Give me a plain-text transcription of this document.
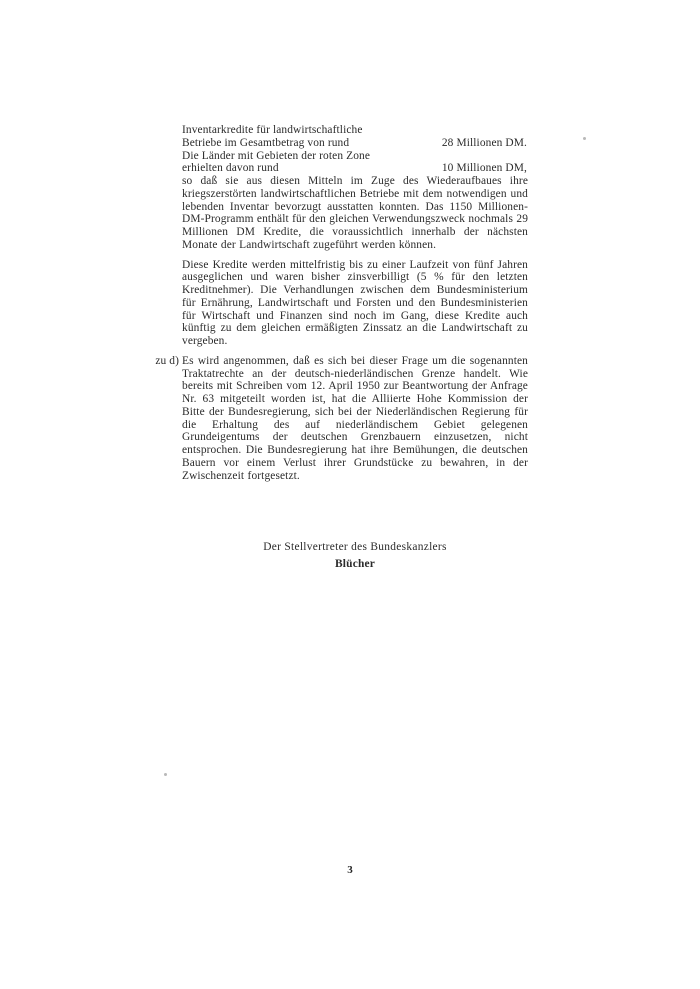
Inventarkredite für landwirtschaftliche
Betriebe im Gesamtbetrag von rund	28 Millionen DM.
Die Länder mit Gebieten der roten Zone
erhielten davon rund	10 Millionen DM,

so daß sie aus diesen Mitteln im Zuge des Wiederaufbaues ihre kriegszerstörten landwirtschaftlichen Betriebe mit dem notwendigen und lebenden Inventar bevorzugt ausstatten konnten. Das 1150 Millionen-DM-Programm enthält für den gleichen Verwendungszweck nochmals 29 Millionen DM Kredite, die voraussichtlich innerhalb der nächsten Monate der Landwirtschaft zugeführt werden können.

Diese Kredite werden mittelfristig bis zu einer Laufzeit von fünf Jahren ausgeglichen und waren bisher zinsverbilligt (5 % für den letzten Kreditnehmer). Die Verhandlungen zwischen dem Bundesministerium für Ernährung, Landwirtschaft und Forsten und den Bundesministerien für Wirtschaft und Finanzen sind noch im Gang, diese Kredite auch künftig zu dem gleichen ermäßigten Zinssatz an die Landwirtschaft zu vergeben.

zu d) Es wird angenommen, daß es sich bei dieser Frage um die sogenannten Traktatrechte an der deutsch-niederländischen Grenze handelt. Wie bereits mit Schreiben vom 12. April 1950 zur Beantwortung der Anfrage Nr. 63 mitgeteilt worden ist, hat die Alliierte Hohe Kommission der Bitte der Bundesregierung, sich bei der Niederländischen Regierung für die Erhaltung des auf niederländischem Gebiet gelegenen Grundeigentums der deutschen Grenzbauern einzusetzen, nicht entsprochen. Die Bundesregierung hat ihre Bemühungen, die deutschen Bauern vor einem Verlust ihrer Grundstücke zu bewahren, in der Zwischenzeit fortgesetzt.
Der Stellvertreter des Bundeskanzlers
Blücher
3
